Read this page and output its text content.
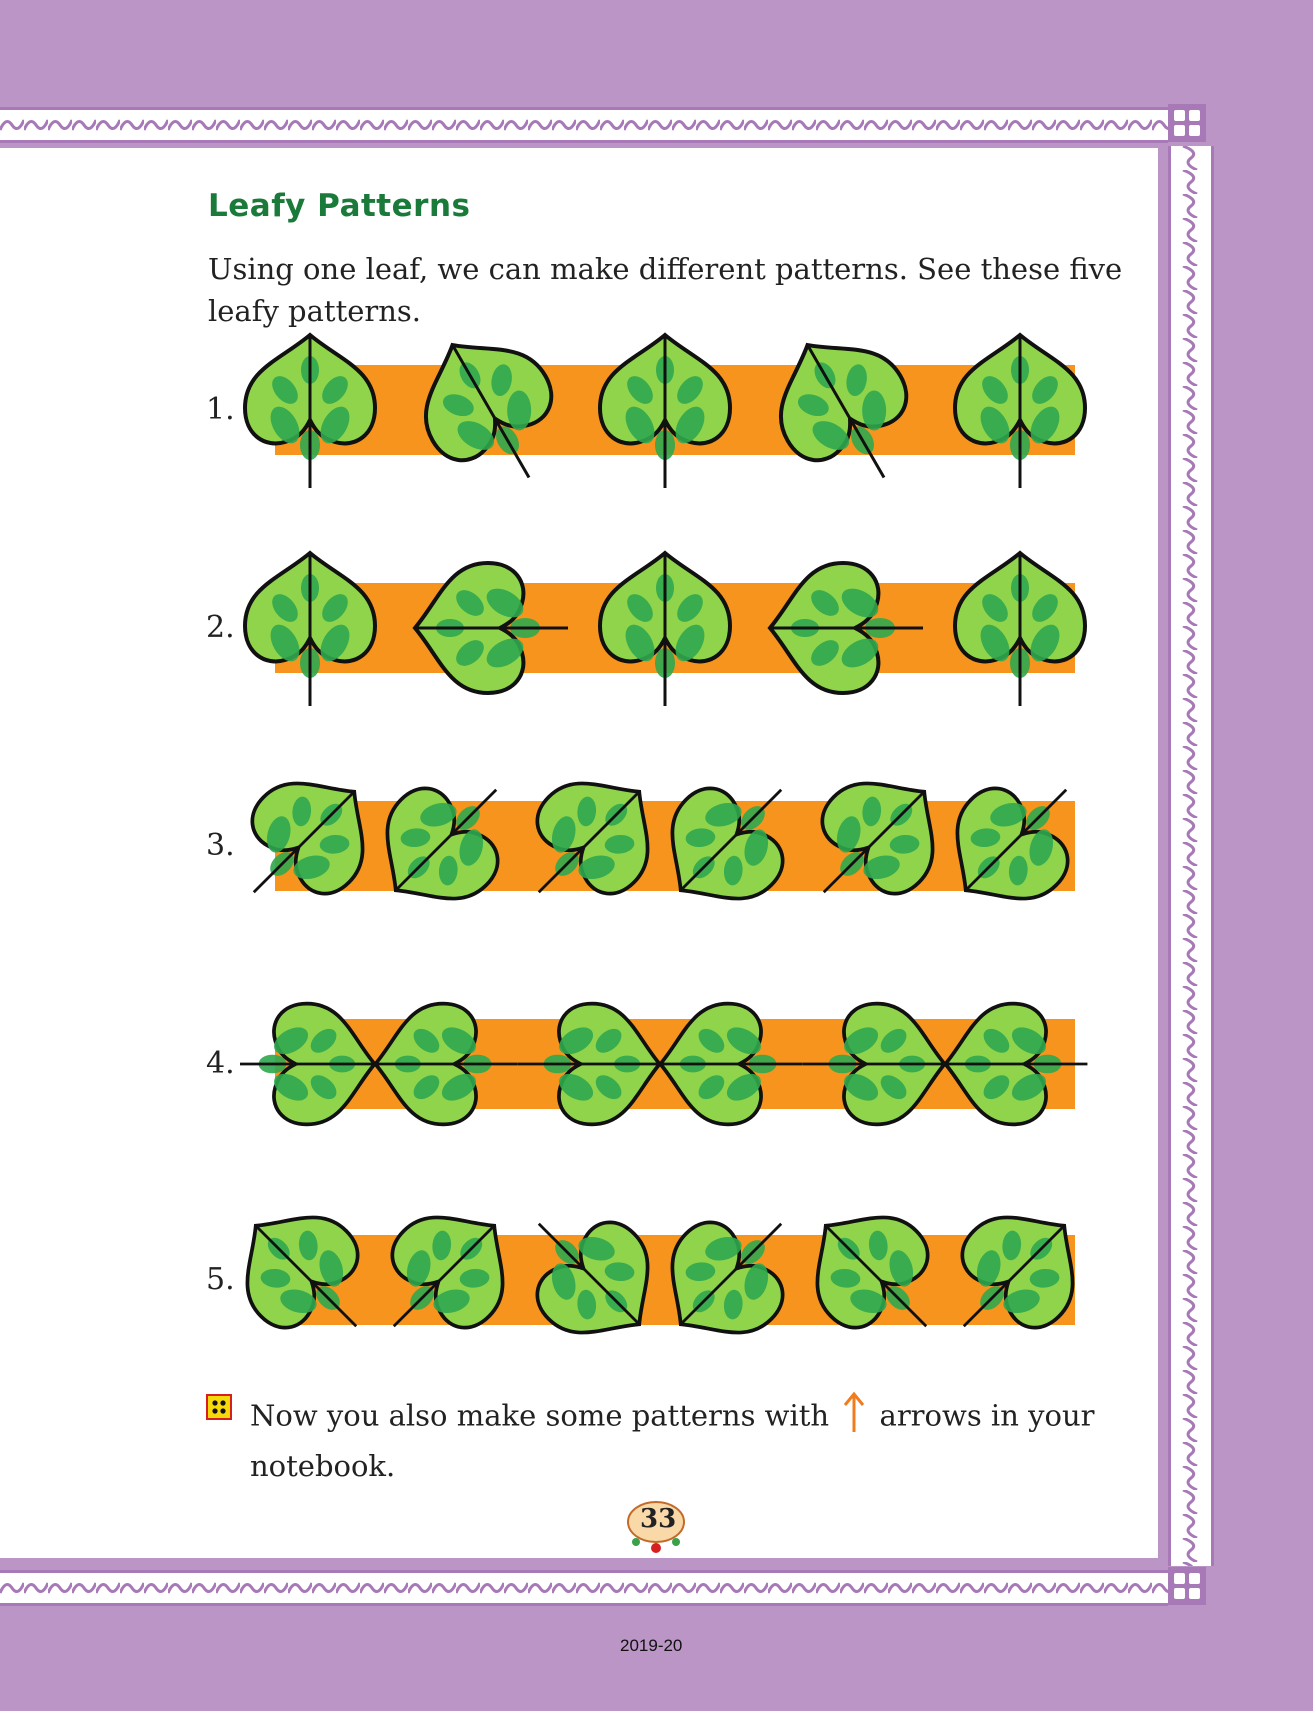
Leafy Patterns
Using one leaf, we can make different patterns. See these five leafy patterns.
1.
2.
3.
4.
5.
Now you also make some patterns with arrows in your notebook.
33
2019-20
